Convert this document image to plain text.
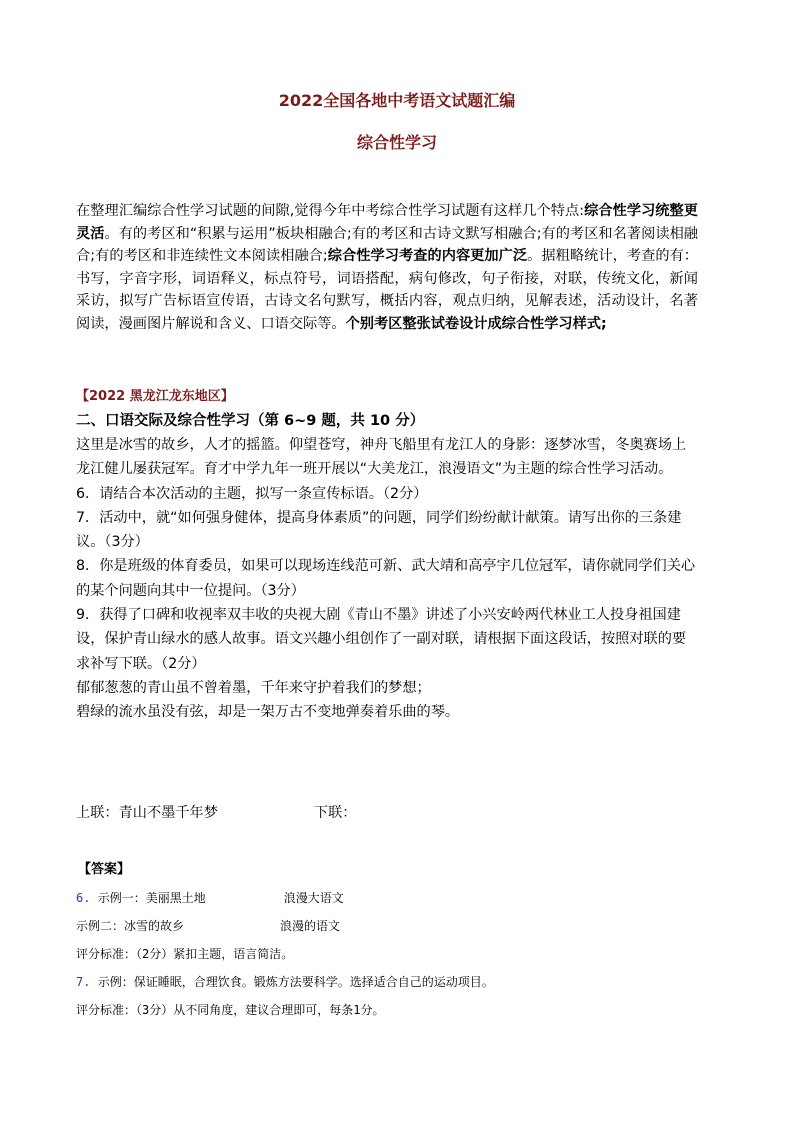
2022全国各地中考语文试题汇编
综合性学习
在整理汇编综合性学习试题的间隙,觉得今年中考综合性学习试题有这样几个特点:综合性学习统整更灵活。有的考区和“积累与运用”板块相融合;有的考区和古诗文默写相融合;有的考区和名著阅读相融合;有的考区和非连续性文本阅读相融合;综合性学习考查的内容更加广泛。据粗略统计，考查的有：书写，字音字形，词语释义，标点符号，词语搭配，病句修改，句子衔接，对联，传统文化，新闻采访，拟写广告标语宣传语，古诗文名句默写，概括内容，观点归纳，见解表述，活动设计，名著阅读，漫画图片解说和含义、口语交际等。个别考区整张试卷设计成综合性学习样式;
【2022 黑龙江龙东地区】
二、口语交际及综合性学习（第 6~9 题，共 10 分）

这里是冰雪的故乡，人才的摇篮。仰望苍穹，神舟飞船里有龙江人的身影：逐梦冰雪，冬奥赛场上龙江健儿屡获冠军。育才中学九年一班开展以“大美龙江，浪漫语文”为主题的综合性学习活动。

6．请结合本次活动的主题，拟写一条宣传标语。（2分）

7．活动中，就“如何强身健体，提高身体素质”的问题，同学们纷纷献计献策。请写出你的三条建议。（3分）

8．你是班级的体育委员，如果可以现场连线范可新、武大靖和高亭宇几位冠军，请你就同学们关心的某个问题向其中一位提问。（3分）

9．获得了口碑和收视率双丰收的央视大剧《青山不墨》讲述了小兴安岭两代林业工人投身祖国建设，保护青山绿水的感人故事。语文兴趣小组创作了一副对联，请根据下面这段话，按照对联的要求补写下联。（2分）

郁郁葱葱的青山虽不曾着墨，千年来守护着我们的梦想；

碧绿的流水虽没有弦，却是一架万古不变地弹奏着乐曲的琴。

上联：青山不墨千年梦	下联：
【答案】
6. 示例一：美丽黑土地	浪漫大语文
示例二：冰雪的故乡	浪漫的语文
评分标准：（2分）紧扣主题，语言简洁。
7. 示例：保证睡眠，合理饮食。锻炼方法要科学。选择适合自己的运动项目。
评分标准：（3分）从不同角度，建议合理即可，每条1分。
